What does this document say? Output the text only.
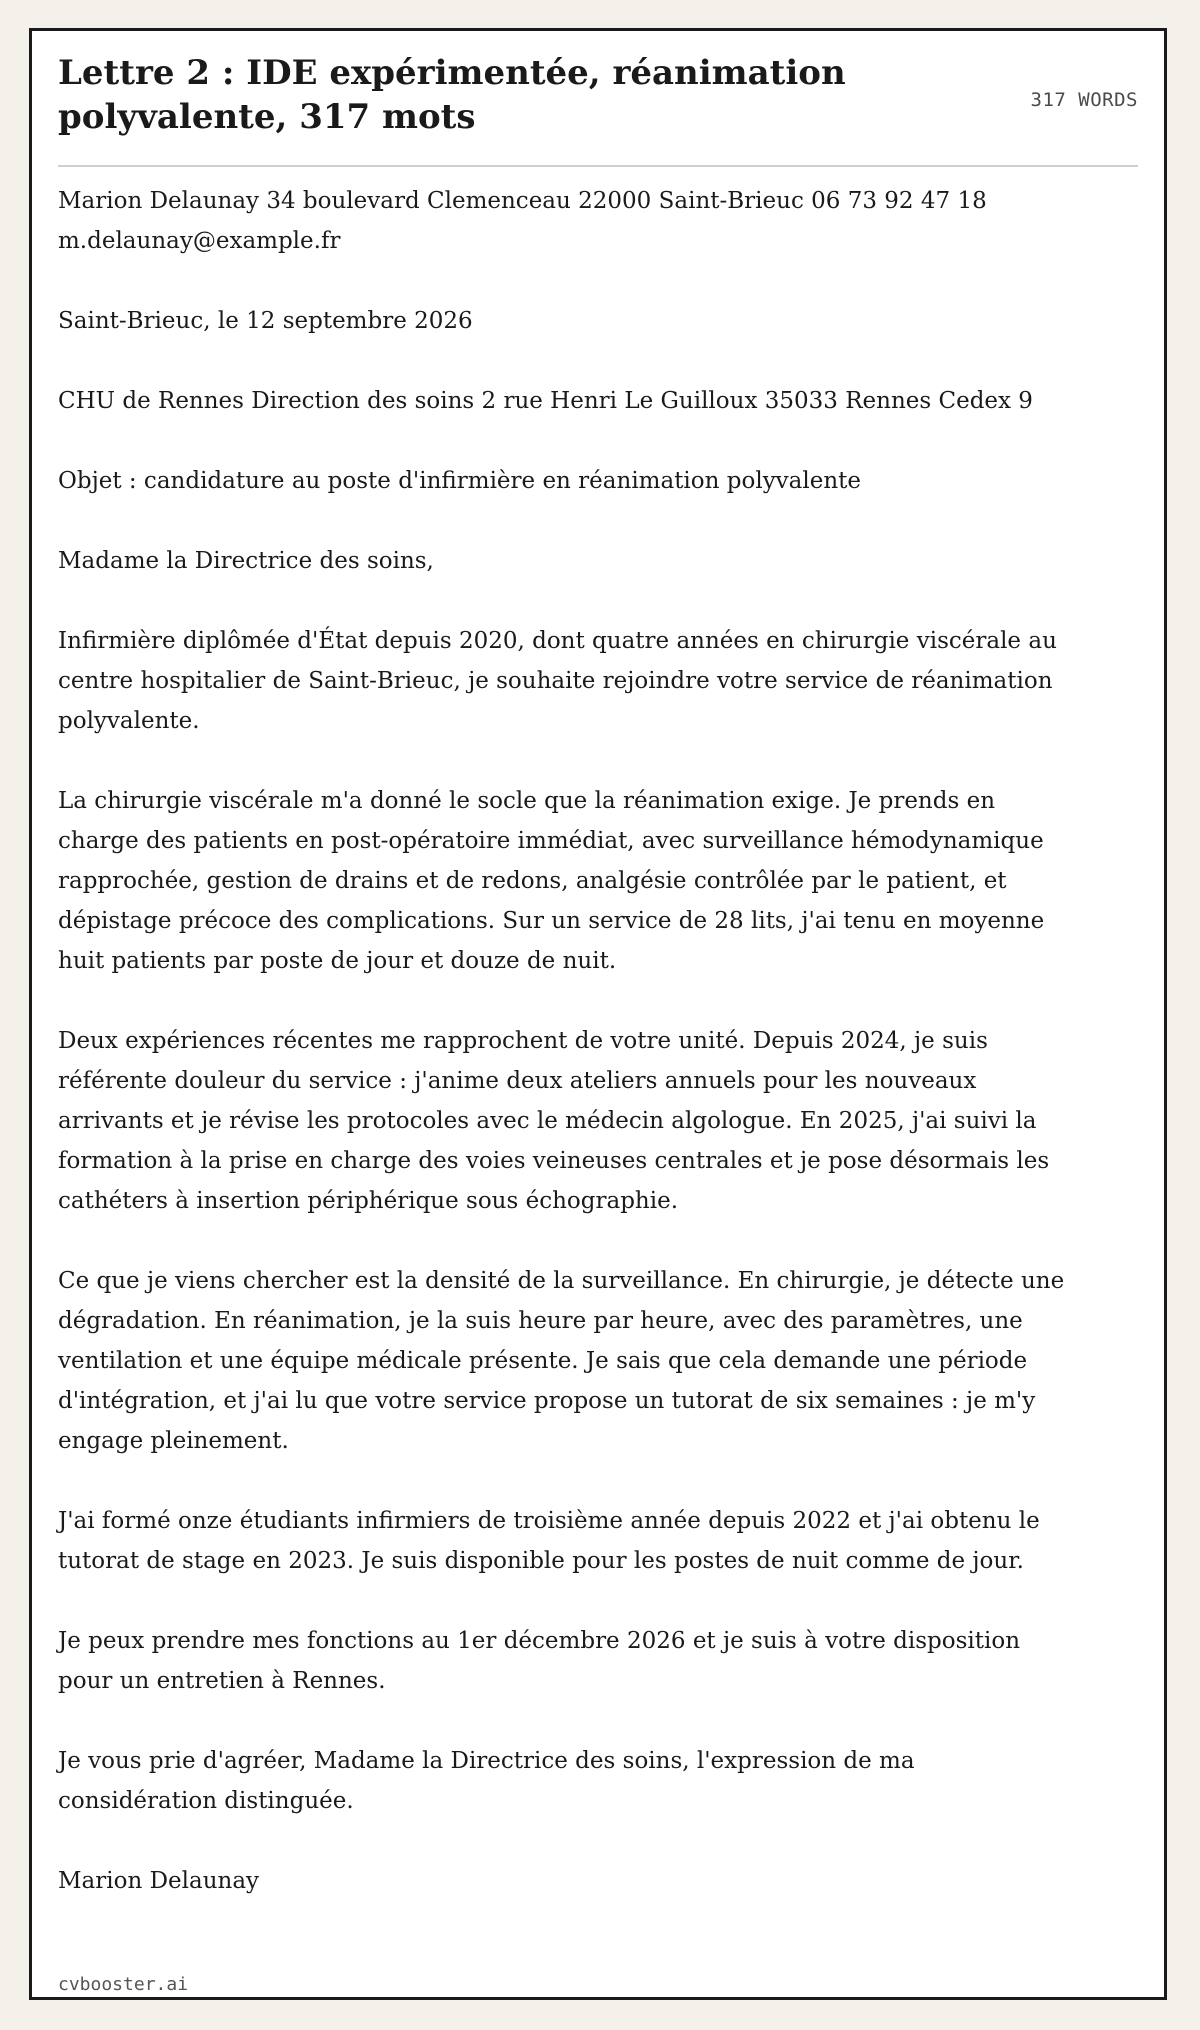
Lettre 2 : IDE expérimentée, réanimation polyvalente, 317 mots	317 WORDS

Marion Delaunay 34 boulevard Clemenceau 22000 Saint-Brieuc 06 73 92 47 18 m.delaunay@example.fr

Saint-Brieuc, le 12 septembre 2026

CHU de Rennes Direction des soins 2 rue Henri Le Guilloux 35033 Rennes Cedex 9

Objet : candidature au poste d'infirmière en réanimation polyvalente

Madame la Directrice des soins,

Infirmière diplômée d'État depuis 2020, dont quatre années en chirurgie viscérale au centre hospitalier de Saint-Brieuc, je souhaite rejoindre votre service de réanimation polyvalente.

La chirurgie viscérale m'a donné le socle que la réanimation exige. Je prends en charge des patients en post-opératoire immédiat, avec surveillance hémodynamique rapprochée, gestion de drains et de redons, analgésie contrôlée par le patient, et dépistage précoce des complications. Sur un service de 28 lits, j'ai tenu en moyenne huit patients par poste de jour et douze de nuit.

Deux expériences récentes me rapprochent de votre unité. Depuis 2024, je suis référente douleur du service : j'anime deux ateliers annuels pour les nouveaux arrivants et je révise les protocoles avec le médecin algologue. En 2025, j'ai suivi la formation à la prise en charge des voies veineuses centrales et je pose désormais les cathéters à insertion périphérique sous échographie.

Ce que je viens chercher est la densité de la surveillance. En chirurgie, je détecte une dégradation. En réanimation, je la suis heure par heure, avec des paramètres, une ventilation et une équipe médicale présente. Je sais que cela demande une période d'intégration, et j'ai lu que votre service propose un tutorat de six semaines : je m'y engage pleinement.

J'ai formé onze étudiants infirmiers de troisième année depuis 2022 et j'ai obtenu le tutorat de stage en 2023. Je suis disponible pour les postes de nuit comme de jour.

Je peux prendre mes fonctions au 1er décembre 2026 et je suis à votre disposition pour un entretien à Rennes.

Je vous prie d'agréer, Madame la Directrice des soins, l'expression de ma considération distinguée.

Marion Delaunay

cvbooster.ai
